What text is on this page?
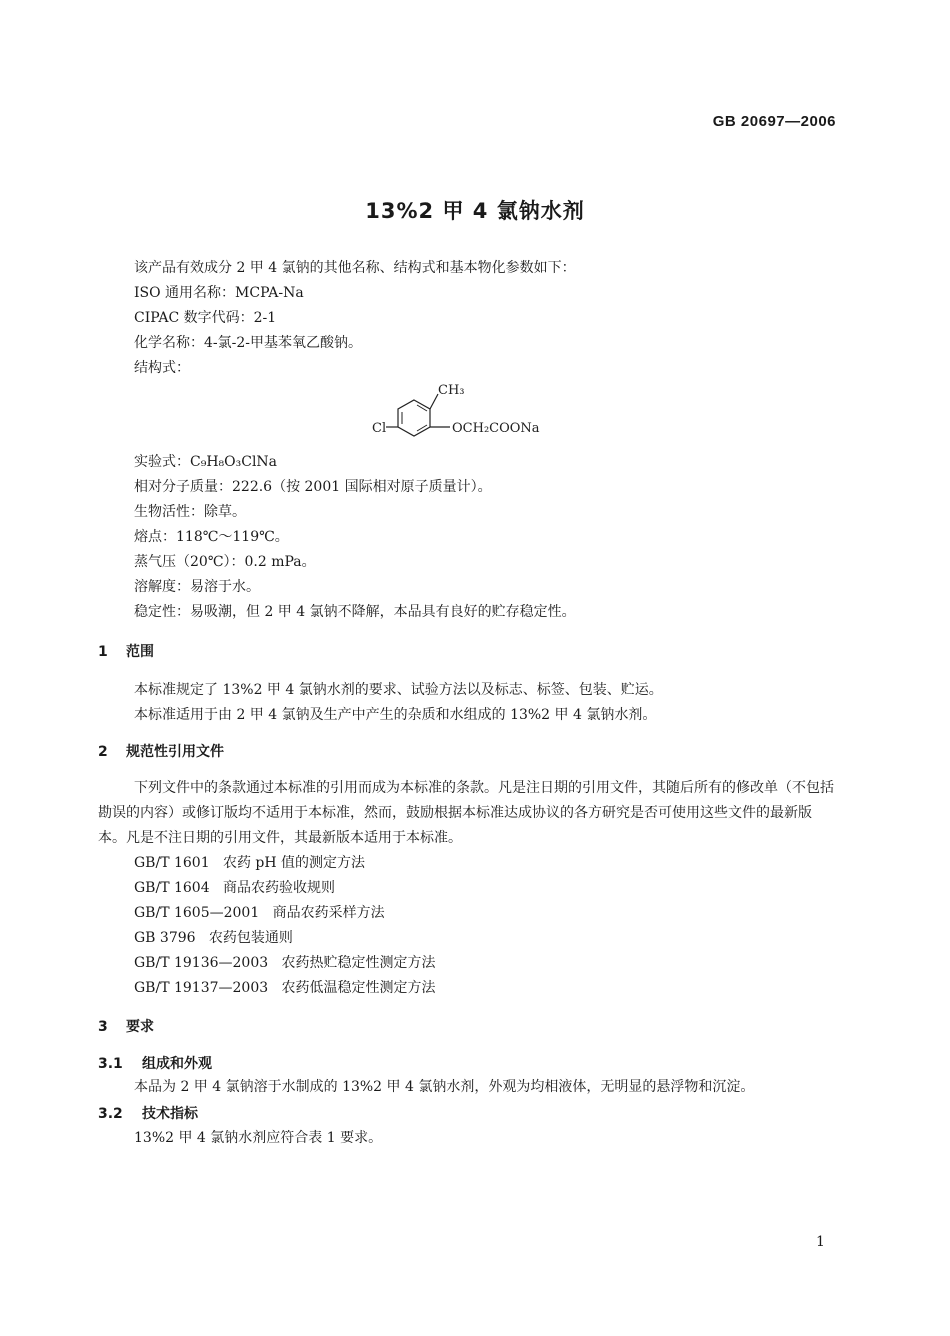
GB 20697—2006
13%2 甲 4 氯钠水剂
该产品有效成分 2 甲 4 氯钠的其他名称、结构式和基本物化参数如下：
ISO 通用名称：MCPA-Na
CIPAC 数字代码：2-1
化学名称：4-氯-2-甲基苯氧乙酸钠。
结构式：
CH₃
Cl	OCH₂COONa
实验式：C₉H₈O₃ClNa
相对分子质量：222.6（按 2001 国际相对原子质量计）。
生物活性：除草。
熔点：118℃～119℃。
蒸气压（20℃）：0.2 mPa。
溶解度：易溶于水。
稳定性：易吸潮，但 2 甲 4 氯钠不降解，本品具有良好的贮存稳定性。
1 范围
本标准规定了 13%2 甲 4 氯钠水剂的要求、试验方法以及标志、标签、包装、贮运。
本标准适用于由 2 甲 4 氯钠及生产中产生的杂质和水组成的 13%2 甲 4 氯钠水剂。
2 规范性引用文件
下列文件中的条款通过本标准的引用而成为本标准的条款。凡是注日期的引用文件，其随后所有的修改单（不包括勘误的内容）或修订版均不适用于本标准，然而，鼓励根据本标准达成协议的各方研究是否可使用这些文件的最新版本。凡是不注日期的引用文件，其最新版本适用于本标准。
GB/T 1601 农药 pH 值的测定方法
GB/T 1604 商品农药验收规则
GB/T 1605—2001 商品农药采样方法
GB 3796 农药包装通则
GB/T 19136—2003 农药热贮稳定性测定方法
GB/T 19137—2003 农药低温稳定性测定方法
3 要求
3.1 组成和外观
本品为 2 甲 4 氯钠溶于水制成的 13%2 甲 4 氯钠水剂，外观为均相液体，无明显的悬浮物和沉淀。
3.2 技术指标
13%2 甲 4 氯钠水剂应符合表 1 要求。
1
